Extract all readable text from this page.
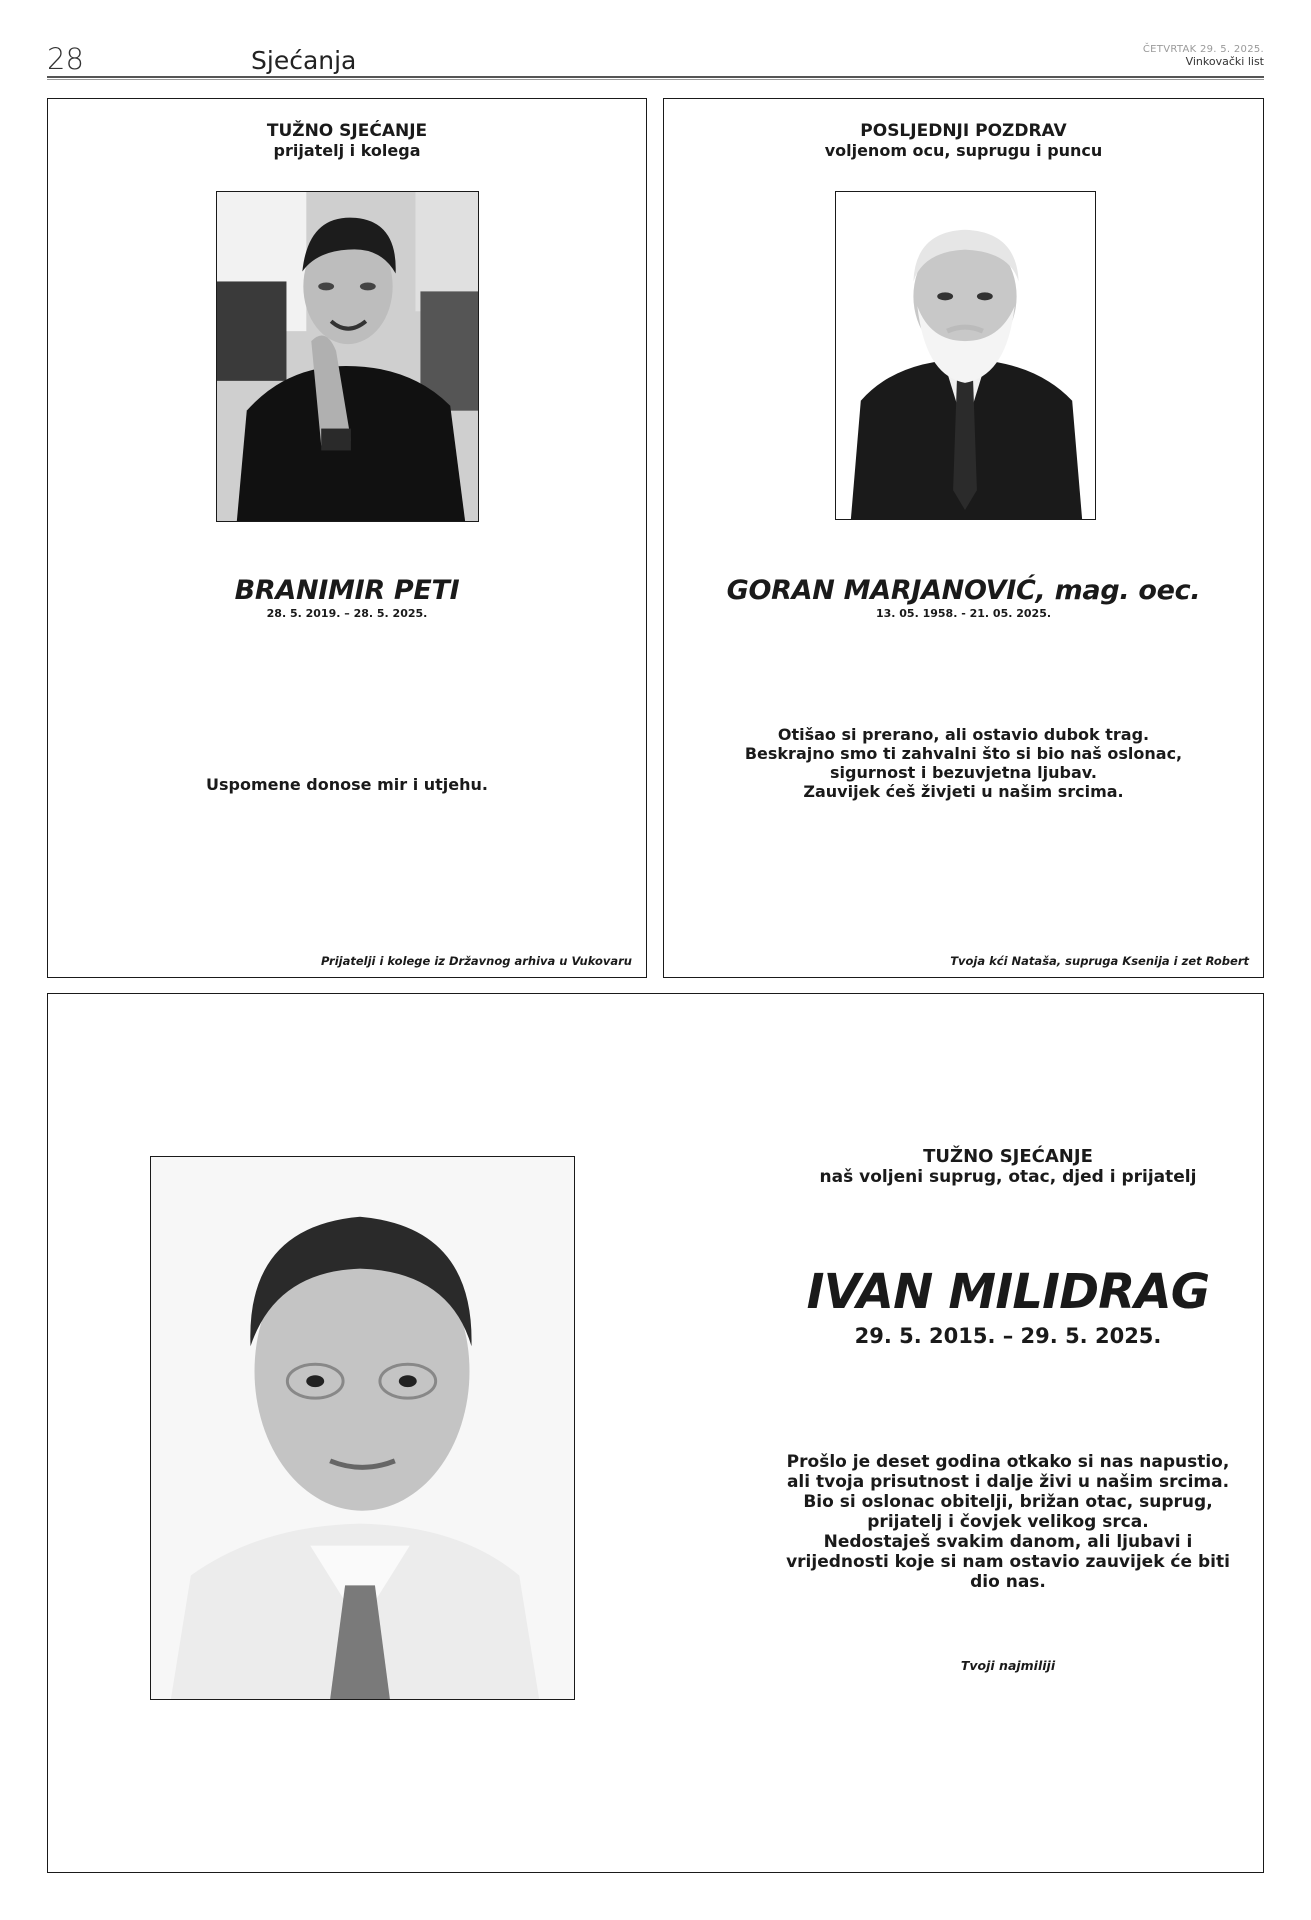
28	Sjećanja	ČETVRTAK 29. 5. 2025.
Vinkovački list
TUŽNO SJEĆANJE
prijatelj i kolega
BRANIMIR PETI
28. 5. 2019. – 28. 5. 2025.
Uspomene donose mir i utjehu.
Prijatelji i kolege iz Državnog arhiva u Vukovaru
POSLJEDNJI POZDRAV
voljenom ocu, suprugu i puncu
GORAN MARJANOVIĆ, mag. oec.
13. 05. 1958. - 21. 05. 2025.
Otišao si prerano, ali ostavio dubok trag.
Beskrajno smo ti zahvalni što si bio naš oslonac,
sigurnost i bezuvjetna ljubav.
Zauvijek ćeš živjeti u našim srcima.
Tvoja kći Nataša, supruga Ksenija i zet Robert
TUŽNO SJEĆANJE
naš voljeni suprug, otac, djed i prijatelj
IVAN MILIDRAG
29. 5. 2015. – 29. 5. 2025.
Prošlo je deset godina otkako si nas napustio,
ali tvoja prisutnost i dalje živi u našim srcima.
Bio si oslonac obitelji, brižan otac, suprug,
prijatelj i čovjek velikog srca.
Nedostaješ svakim danom, ali ljubavi i
vrijednosti koje si nam ostavio zauvijek će biti
dio nas.
Tvoji najmiliji
